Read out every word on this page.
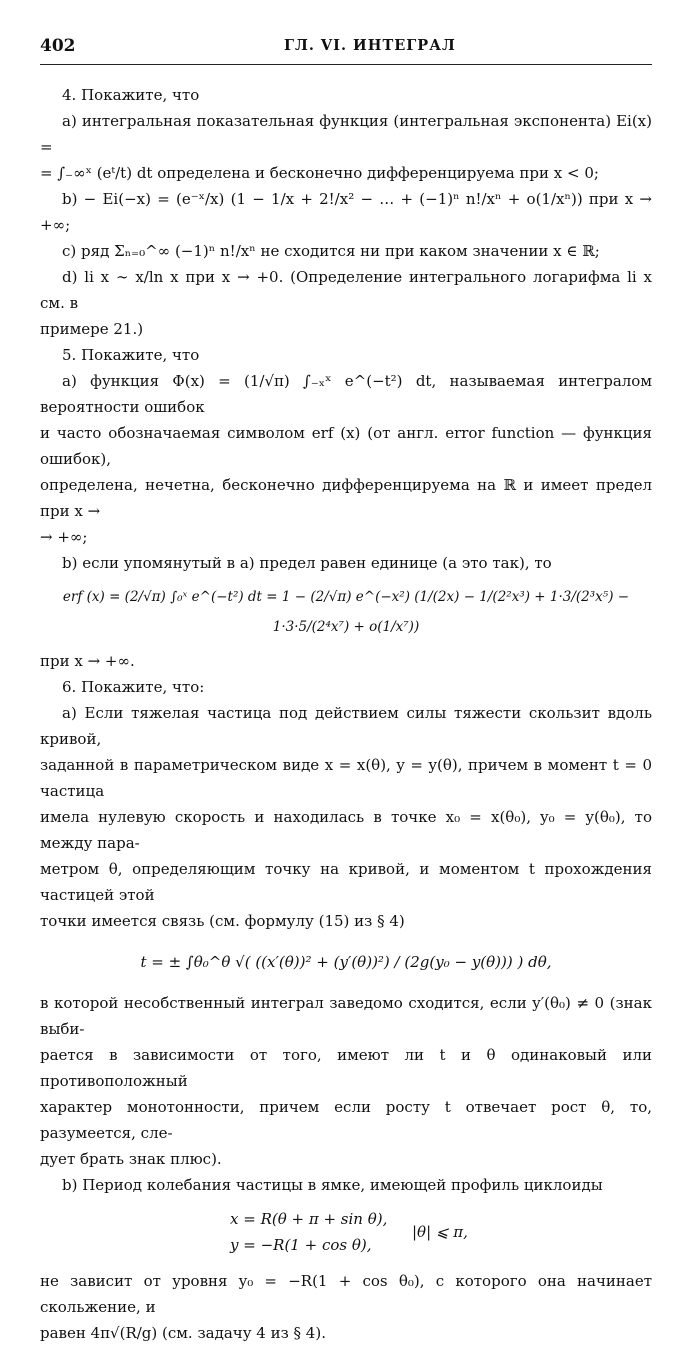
402	ГЛ. VI. ИНТЕГРАЛ

4. Покажите, что

a) интегральная показательная функция (интегральная экспонента) Ei(x) =

= ∫₋∞ˣ (eᵗ/t) dt определена и бесконечно дифференцируема при x < 0;

b) − Ei(−x) = (e⁻ˣ/x) (1 − 1/x + 2!/x² − … + (−1)ⁿ n!/xⁿ + o(1/xⁿ)) при x → +∞;

c) ряд Σₙ₌₀^∞ (−1)ⁿ n!/xⁿ не сходится ни при каком значении x ∈ ℝ;

d) li x ∼ x/ln x при x → +0. (Определение интегрального логарифма li x см. в

примере 21.)

5. Покажите, что

a) функция Φ(x) = (1/√π) ∫₋ₓˣ e^(−t²) dt, называемая интегралом вероятности ошибок

и часто обозначаемая символом erf (x) (от англ. error function — функция ошибок),

определена, нечетна, бесконечно дифференцируема на ℝ и имеет предел при x →

→ +∞;

b) если упомянутый в a) предел равен единице (a это так), то

erf (x) = (2/√π) ∫₀ˣ e^(−t²) dt = 1 − (2/√π) e^(−x²) (1/(2x) − 1/(2²x³) + 1·3/(2³x⁵) − 1·3·5/(2⁴x⁷) + o(1/x⁷))

при x → +∞.

6. Покажите, что:

a) Если тяжелая частица под действием силы тяжести скользит вдоль кривой,

заданной в параметрическом виде x = x(θ), y = y(θ), причем в момент t = 0 частица

имела нулевую скорость и находилась в точке x₀ = x(θ₀), y₀ = y(θ₀), то между пара-

метром θ, определяющим точку на кривой, и моментом t прохождения частицей этой

точки имеется связь (см. формулу (15) из § 4)

t = ± ∫θ₀^θ √( ((x′(θ))² + (y′(θ))²) / (2g(y₀ − y(θ))) ) dθ,

в которой несобственный интеграл заведомо сходится, если y′(θ₀) ≠ 0 (знак выби-

рается в зависимости от того, имеют ли t и θ одинаковый или противоположный

характер монотонности, причем если росту t отвечает рост θ, то, разумеется, сле-

дует брать знак плюс).

b) Период колебания частицы в ямке, имеющей профиль циклоиды

x = R(θ + π + sin θ),
y = −R(1 + cos θ),
|θ| ⩽ π,

не зависит от уровня y₀ = −R(1 + cos θ₀), с которого она начинает скольжение, и

равен 4π√(R/g) (см. задачу 4 из § 4).
